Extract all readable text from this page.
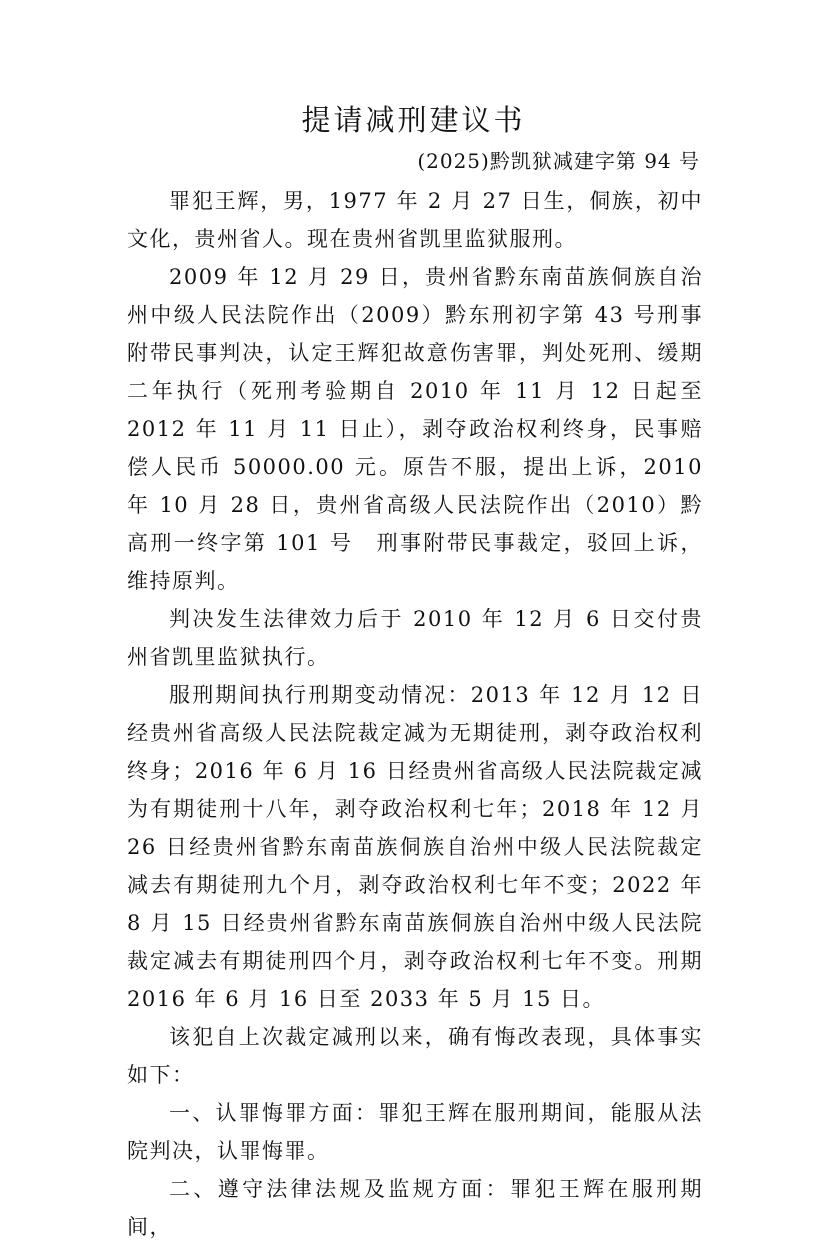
提请减刑建议书
(2025)黔凯狱减建字第 94 号

罪犯王辉，男，1977 年 2 月 27 日生，侗族，初中文化，贵州省人。现在贵州省凯里监狱服刑。

2009 年 12 月 29 日，贵州省黔东南苗族侗族自治州中级人民法院作出（2009）黔东刑初字第 43 号刑事附带民事判决，认定王辉犯故意伤害罪，判处死刑、缓期二年执行（死刑考验期自 2010 年 11 月 12 日起至 2012 年 11 月 11 日止），剥夺政治权利终身，民事赔偿人民币 50000.00 元。原告不服，提出上诉，2010 年 10 月 28 日，贵州省高级人民法院作出（2010）黔高刑一终字第 101 号　刑事附带民事裁定，驳回上诉，维持原判。

判决发生法律效力后于 2010 年 12 月 6 日交付贵州省凯里监狱执行。

服刑期间执行刑期变动情况：2013 年 12 月 12 日经贵州省高级人民法院裁定减为无期徒刑，剥夺政治权利终身；2016 年 6 月 16 日经贵州省高级人民法院裁定减为有期徒刑十八年，剥夺政治权利七年；2018 年 12 月 26 日经贵州省黔东南苗族侗族自治州中级人民法院裁定减去有期徒刑九个月，剥夺政治权利七年不变；2022 年 8 月 15 日经贵州省黔东南苗族侗族自治州中级人民法院裁定减去有期徒刑四个月，剥夺政治权利七年不变。刑期 2016 年 6 月 16 日至 2033 年 5 月 15 日。

该犯自上次裁定减刑以来，确有悔改表现，具体事实如下：

一、认罪悔罪方面：罪犯王辉在服刑期间，能服从法院判决，认罪悔罪。

二、遵守法律法规及监规方面：罪犯王辉在服刑期间，
